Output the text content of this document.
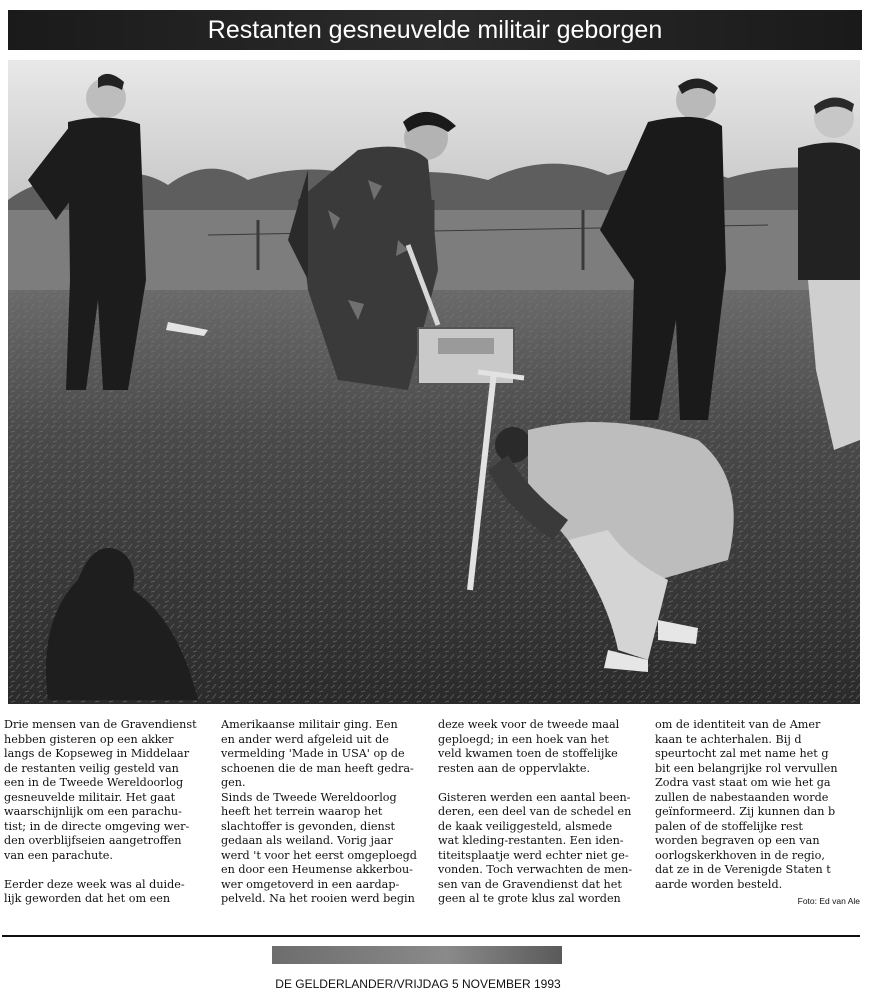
Restanten gesneuvelde militair geborgen

Drie mensen van de Gravendienst

hebben gisteren op een akker

langs de Kopseweg in Middelaar

de restanten veilig gesteld van

een in de Tweede Wereldoorlog

gesneuvelde militair. Het gaat

waarschijnlijk om een parachu-

tist; in de directe omgeving wer-

den overblijfseien aangetroffen

van een parachute.

Eerder deze week was al duide-

lijk geworden dat het om een

Amerikaanse militair ging. Een

en ander werd afgeleid uit de

vermelding 'Made in USA' op de

schoenen die de man heeft gedra-

gen.

Sinds de Tweede Wereldoorlog

heeft het terrein waarop het

slachtoffer is gevonden, dienst

gedaan als weiland. Vorig jaar

werd 't voor het eerst omgeploegd

en door een Heumense akkerbou-

wer omgetoverd in een aardap-

pelveld. Na het rooien werd begin

deze week voor de tweede maal

geploegd; in een hoek van het

veld kwamen toen de stoffelijke

resten aan de oppervlakte.

Gisteren werden een aantal been-

deren, een deel van de schedel en

de kaak veiliggesteld, alsmede

wat kleding-restanten. Een iden-

titeitsplaatje werd echter niet ge-

vonden. Toch verwachten de men-

sen van de Gravendienst dat het

geen al te grote klus zal worden

om de identiteit van de Amer

kaan te achterhalen. Bij d

speurtocht zal met name het g

bit een belangrijke rol vervullen

Zodra vast staat om wie het ga

zullen de nabestaanden worde

geïnformeerd. Zij kunnen dan b

palen of de stoffelijke rest

worden begraven op een van

oorlogskerkhoven in de regio,

dat ze in de Verenigde Staten t

aarde worden besteld.

Foto: Ed van Ale
DE GELDERLANDER/VRIJDAG 5 NOVEMBER 1993
